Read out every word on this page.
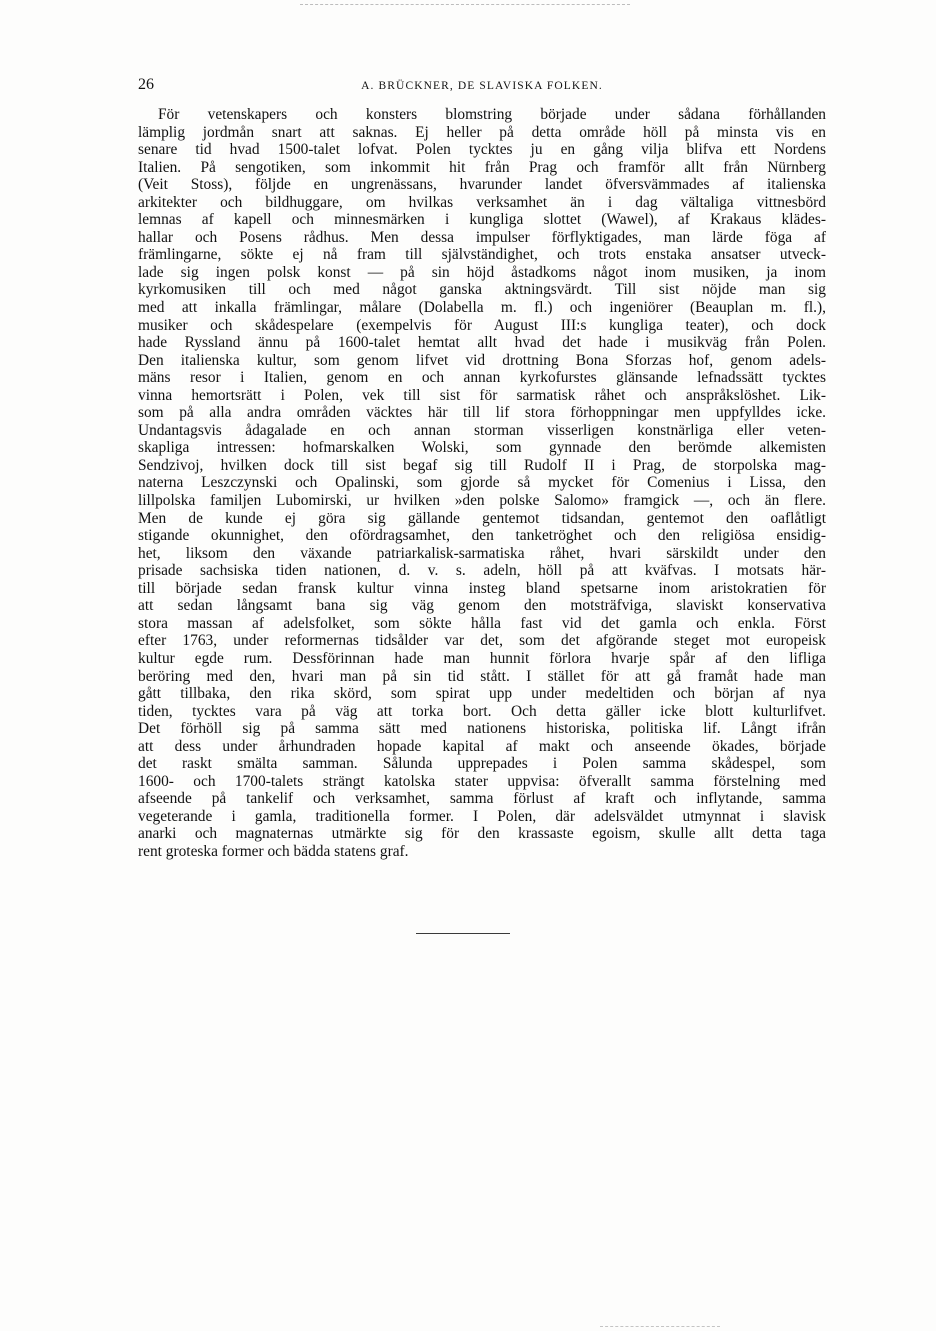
26	A. BRÜCKNER, DE SLAVISKA FOLKEN.
För vetenskapers och konsters blomstring började under sådana förhållanden
lämplig jordmån snart att saknas. Ej heller på detta område höll på minsta vis en
senare tid hvad 1500-talet lofvat. Polen tycktes ju en gång vilja blifva ett Nordens
Italien. På sengotiken, som inkommit hit från Prag och framför allt från Nürnberg
(Veit Stoss), följde en ungrenässans, hvarunder landet öfversvämmades af italienska
arkitekter och bildhuggare, om hvilkas verksamhet än i dag vältaliga vittnesbörd
lemnas af kapell och minnesmärken i kungliga slottet (Wawel), af Krakaus klädes-
hallar och Posens rådhus. Men dessa impulser förflyktigades, man lärde föga af
främlingarne, sökte ej nå fram till självständighet, och trots enstaka ansatser utveck-
lade sig ingen polsk konst — på sin höjd åstadkoms något inom musiken, ja inom
kyrkomusiken till och med något ganska aktningsvärdt. Till sist nöjde man sig
med att inkalla främlingar, målare (Dolabella m. fl.) och ingeniörer (Beauplan m. fl.),
musiker och skådespelare (exempelvis för August III:s kungliga teater), och dock
hade Ryssland ännu på 1600-talet hemtat allt hvad det hade i musikväg från Polen.
Den italienska kultur, som genom lifvet vid drottning Bona Sforzas hof, genom adels-
mäns resor i Italien, genom en och annan kyrkofurstes glänsande lefnadssätt tycktes
vinna hemortsrätt i Polen, vek till sist för sarmatisk råhet och anspråkslöshet. Lik-
som på alla andra områden väcktes här till lif stora förhoppningar men uppfylldes icke.
Undantagsvis ådagalade en och annan storman visserligen konstnärliga eller veten-
skapliga intressen: hofmarskalken Wolski, som gynnade den berömde alkemisten
Sendzivoj, hvilken dock till sist begaf sig till Rudolf II i Prag, de storpolska mag-
naterna Leszczynski och Opalinski, som gjorde så mycket för Comenius i Lissa, den
lillpolska familjen Lubomirski, ur hvilken »den polske Salomo» framgick —, och än flere.
Men de kunde ej göra sig gällande gentemot tidsandan, gentemot den oaflåtligt
stigande okunnighet, den ofördragsamhet, den tanketröghet och den religiösa ensidig-
het, liksom den växande patriarkalisk-sarmatiska råhet, hvari särskildt under den
prisade sachsiska tiden nationen, d. v. s. adeln, höll på att kväfvas. I motsats här-
till började sedan fransk kultur vinna insteg bland spetsarne inom aristokratien för
att sedan långsamt bana sig väg genom den motsträfviga, slaviskt konservativa
stora massan af adelsfolket, som sökte hålla fast vid det gamla och enkla. Först
efter 1763, under reformernas tidsålder var det, som det afgörande steget mot europeisk
kultur egde rum. Dessförinnan hade man hunnit förlora hvarje spår af den lifliga
beröring med den, hvari man på sin tid stått. I stället för att gå framåt hade man
gått tillbaka, den rika skörd, som spirat upp under medeltiden och början af nya
tiden, tycktes vara på väg att torka bort. Och detta gäller icke blott kulturlifvet.
Det förhöll sig på samma sätt med nationens historiska, politiska lif. Långt ifrån
att dess under århundraden hopade kapital af makt och anseende ökades, började
det raskt smälta samman. Sålunda upprepades i Polen samma skådespel, som
1600- och 1700-talets strängt katolska stater uppvisa: öfverallt samma förstelning med
afseende på tankelif och verksamhet, samma förlust af kraft och inflytande, samma
vegeterande i gamla, traditionella former. I Polen, där adelsväldet utmynnat i slavisk
anarki och magnaternas utmärkte sig för den krassaste egoism, skulle allt detta taga
rent groteska former och bädda statens graf.
